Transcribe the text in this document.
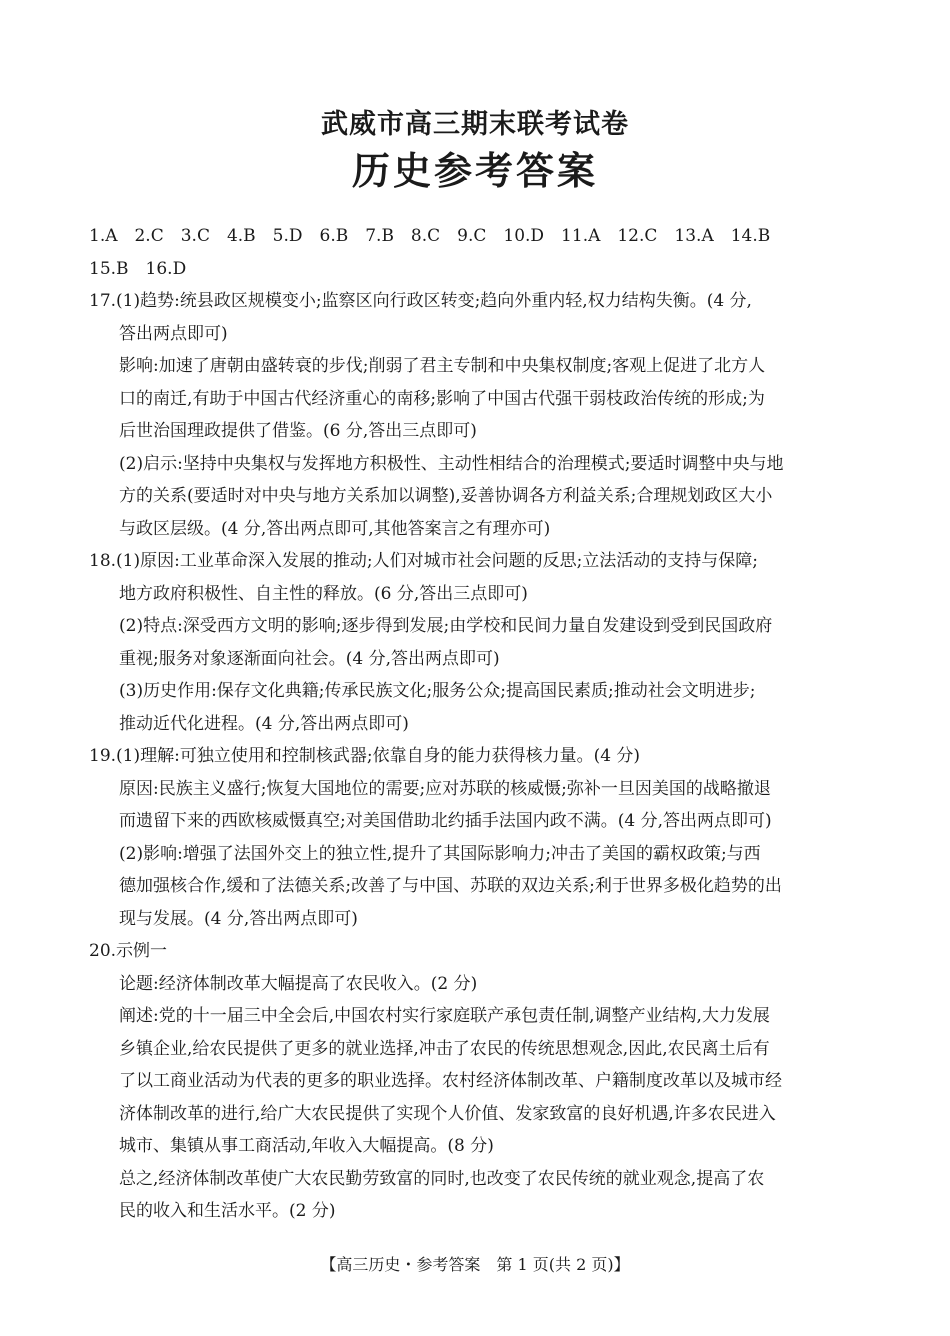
武威市高三期末联考试卷
历史参考答案

1.A　2.C　3.C　4.B　5.D　6.B　7.B　8.C　9.C　10.D　11.A　12.C　13.A　14.B

15.B　16.D

17.(1)趋势:统县政区规模变小;监察区向行政区转变;趋向外重内轻,权力结构失衡。(4 分,

答出两点即可)

影响:加速了唐朝由盛转衰的步伐;削弱了君主专制和中央集权制度;客观上促进了北方人

口的南迁,有助于中国古代经济重心的南移;影响了中国古代强干弱枝政治传统的形成;为

后世治国理政提供了借鉴。(6 分,答出三点即可)

(2)启示:坚持中央集权与发挥地方积极性、主动性相结合的治理模式;要适时调整中央与地

方的关系(要适时对中央与地方关系加以调整),妥善协调各方利益关系;合理规划政区大小

与政区层级。(4 分,答出两点即可,其他答案言之有理亦可)

18.(1)原因:工业革命深入发展的推动;人们对城市社会问题的反思;立法活动的支持与保障;

地方政府积极性、自主性的释放。(6 分,答出三点即可)

(2)特点:深受西方文明的影响;逐步得到发展;由学校和民间力量自发建设到受到民国政府

重视;服务对象逐渐面向社会。(4 分,答出两点即可)

(3)历史作用:保存文化典籍;传承民族文化;服务公众;提高国民素质;推动社会文明进步;

推动近代化进程。(4 分,答出两点即可)

19.(1)理解:可独立使用和控制核武器;依靠自身的能力获得核力量。(4 分)

原因:民族主义盛行;恢复大国地位的需要;应对苏联的核威慑;弥补一旦因美国的战略撤退

而遗留下来的西欧核威慑真空;对美国借助北约插手法国内政不满。(4 分,答出两点即可)

(2)影响:增强了法国外交上的独立性,提升了其国际影响力;冲击了美国的霸权政策;与西

德加强核合作,缓和了法德关系;改善了与中国、苏联的双边关系;利于世界多极化趋势的出

现与发展。(4 分,答出两点即可)

20.示例一

论题:经济体制改革大幅提高了农民收入。(2 分)

阐述:党的十一届三中全会后,中国农村实行家庭联产承包责任制,调整产业结构,大力发展

乡镇企业,给农民提供了更多的就业选择,冲击了农民的传统思想观念,因此,农民离土后有

了以工商业活动为代表的更多的职业选择。农村经济体制改革、户籍制度改革以及城市经

济体制改革的进行,给广大农民提供了实现个人价值、发家致富的良好机遇,许多农民进入

城市、集镇从事工商活动,年收入大幅提高。(8 分)

总之,经济体制改革使广大农民勤劳致富的同时,也改变了农民传统的就业观念,提高了农

民的收入和生活水平。(2 分)

【高三历史・参考答案　第 1 页(共 2 页)】
